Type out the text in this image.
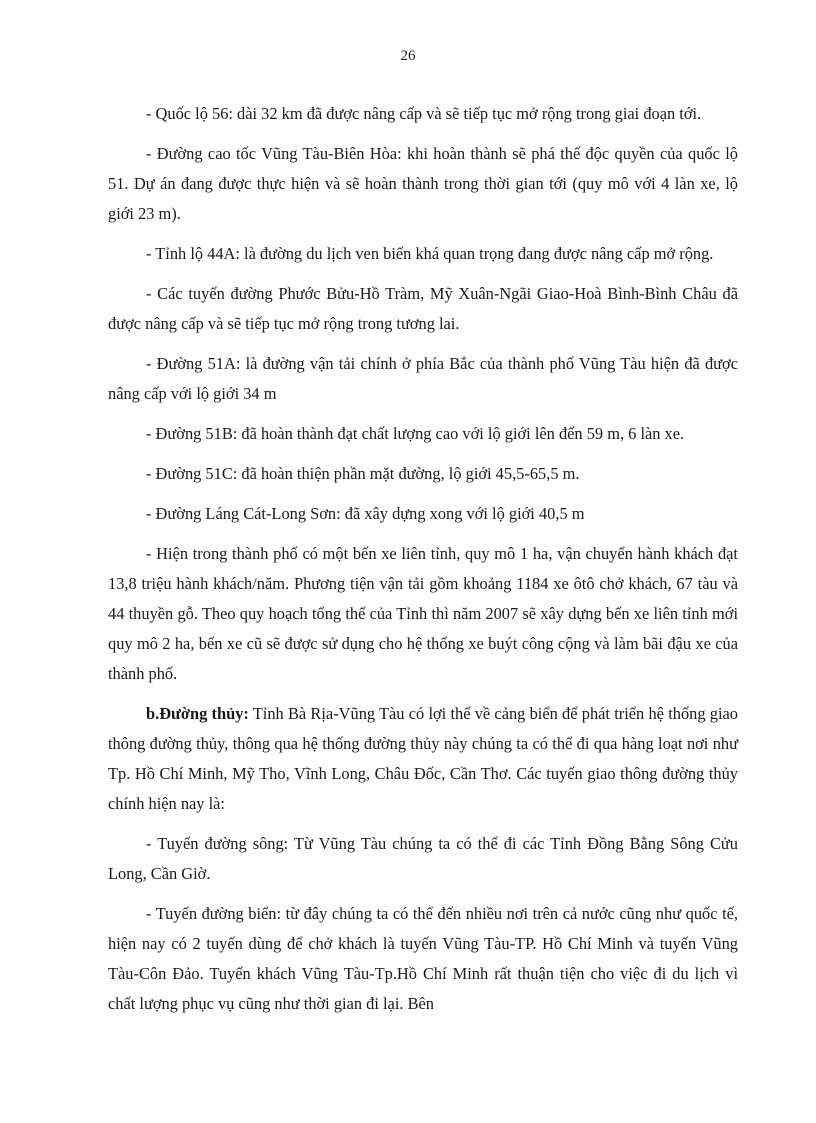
26

- Quốc lộ 56: dài 32 km đã được nâng cấp và sẽ tiếp tục mở rộng trong giai đoạn tới.

- Đường cao tốc Vũng Tàu-Biên Hòa: khi hoàn thành sẽ phá thế độc quyền của quốc lộ 51. Dự án đang được thực hiện và sẽ hoàn thành trong thời gian tới (quy mô với 4 làn xe, lộ giới 23 m).

- Tỉnh lộ 44A: là đường du lịch ven biển khá quan trọng đang được nâng cấp mở rộng.

- Các tuyến đường Phước Bửu-Hồ Tràm, Mỹ Xuân-Ngãi Giao-Hoà Bình-Bình Châu đã được nâng cấp và sẽ tiếp tục mở rộng trong tương lai.

- Đường 51A: là đường vận tải chính ở phía Bắc của thành phố Vũng Tàu hiện đã được nâng cấp với lộ giới 34 m

- Đường 51B: đã hoàn thành đạt chất lượng cao với lộ giới lên đến 59 m, 6 làn xe.

- Đường 51C: đã hoàn thiện phần mặt đường, lộ giới 45,5-65,5 m.

- Đường Láng Cát-Long Sơn: đã xây dựng xong với lộ giới 40,5 m

- Hiện trong thành phố có một bến xe liên tỉnh, quy mô 1 ha, vận chuyển hành khách đạt 13,8 triệu hành khách/năm. Phương tiện vận tải gồm khoảng 1184 xe ôtô chở khách, 67 tàu và 44 thuyền gỗ. Theo quy hoạch tổng thể của Tỉnh thì năm 2007 sẽ xây dựng bến xe liên tỉnh mới quy mô 2 ha, bến xe cũ sẽ được sử dụng cho hệ thống xe buýt công cộng và làm bãi đậu xe của thành phố.

b.Đường thủy: Tỉnh Bà Rịa-Vũng Tàu có lợi thế về cảng biển để phát triển hệ thống giao thông đường thủy, thông qua hệ thống đường thủy này chúng ta có thể đi qua hàng loạt nơi như Tp. Hồ Chí Minh, Mỹ Tho, Vĩnh Long, Châu Đốc, Cần Thơ. Các tuyến giao thông đường thủy chính hiện nay là:

- Tuyến đường sông: Từ Vũng Tàu chúng ta có thể đi các Tỉnh Đồng Bằng Sông Cửu Long, Cần Giờ.

- Tuyến đường biển: từ đây chúng ta có thể đến nhiều nơi trên cả nước cũng như quốc tế, hiện nay có 2 tuyến dùng để chở khách là tuyến Vũng Tàu-TP. Hồ Chí Minh và tuyến Vũng Tàu-Côn Đảo. Tuyến khách Vũng Tàu-Tp.Hồ Chí Minh rất thuận tiện cho việc đi du lịch vì chất lượng phục vụ cũng như thời gian đi lại. Bên
